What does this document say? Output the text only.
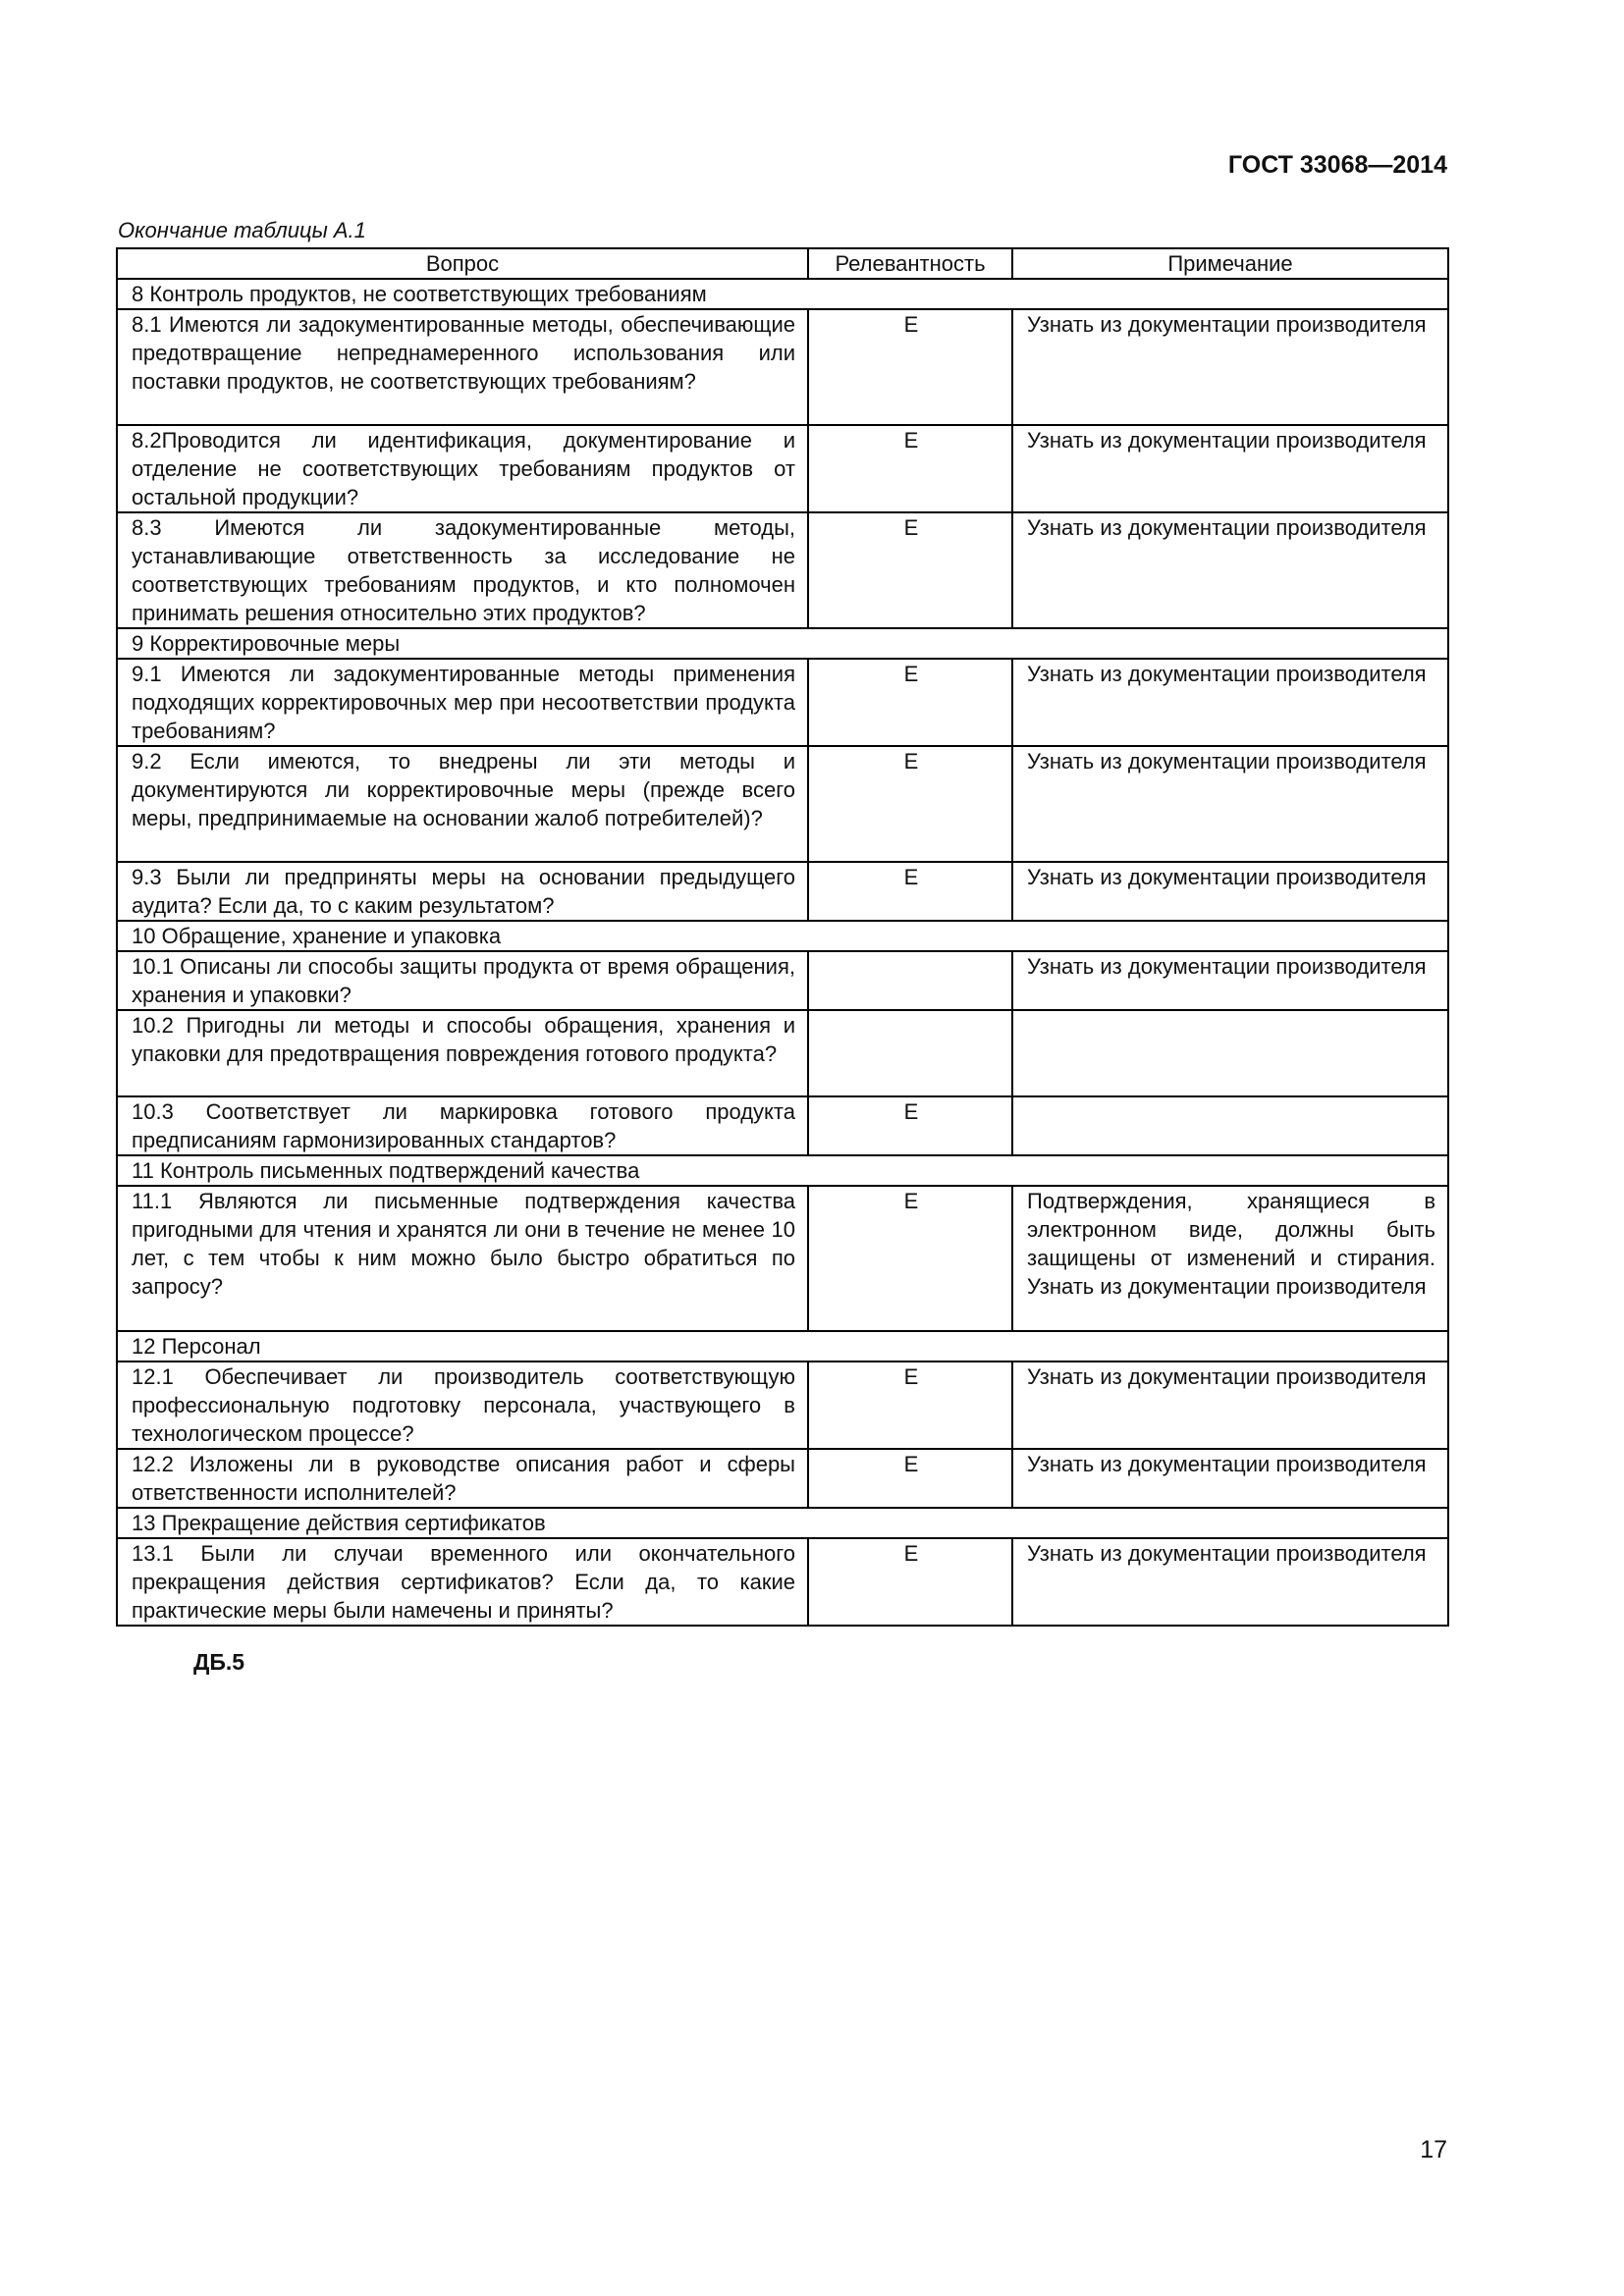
ГОСТ 33068—2014
Окончание таблицы А.1
Вопрос	Релевантность	Примечание
8 Контроль продуктов, не соответствующих требованиям		
8.1 Имеются ли задокументированные методы, обеспечивающие предотвращение непреднамеренного использования или поставки продуктов, не соответствующих требованиям?	Е	Узнать из документации производителя
8.2Проводится ли идентификация, документирование и отделение не соответствующих требованиям продуктов от остальной продукции?	Е	Узнать из документации производителя
8.3 Имеются ли задокументированные методы, устанавливающие ответственность за исследование не соответствующих требованиям продуктов, и кто полномочен принимать решения относительно этих продуктов?	Е	Узнать из документации производителя
9 Корректировочные меры		
9.1 Имеются ли задокументированные методы применения подходящих корректировочных мер при несоответствии продукта требованиям?	Е	Узнать из документации производителя
9.2 Если имеются, то внедрены ли эти методы и документируются ли корректировочные меры (прежде всего меры, предпринимаемые на основании жалоб потребителей)?	Е	Узнать из документации производителя
9.3 Были ли предприняты меры на основании предыдущего аудита? Если да, то с каким результатом?	Е	Узнать из документации производителя
10 Обращение, хранение и упаковка		
10.1 Описаны ли способы защиты продукта от время обращения, хранения и упаковки?		Узнать из документации производителя
10.2 Пригодны ли методы и способы обращения, хранения и упаковки для предотвращения повреждения готового продукта?		
10.3 Соответствует ли маркировка готового продукта предписаниям гармонизированных стандартов?	Е	
11 Контроль письменных подтверждений качества		
11.1 Являются ли письменные подтверждения качества пригодными для чтения и хранятся ли они в течение не менее 10 лет, с тем чтобы к ним можно было быстро обратиться по запросу?	Е	Подтверждения, хранящиеся в электронном виде, должны быть защищены от изменений и стирания. Узнать из документации производителя
12 Персонал		
12.1 Обеспечивает ли производитель соответствующую профессиональную подготовку персонала, участвующего в технологическом процессе?	Е	Узнать из документации производителя
12.2 Изложены ли в руководстве описания работ и сферы ответственности исполнителей?	Е	Узнать из документации производителя
13 Прекращение действия сертификатов		
13.1 Были ли случаи временного или окончательного прекращения действия сертификатов? Если да, то какие практические меры были намечены и приняты?	Е	Узнать из документации производителя
ДБ.5
17
